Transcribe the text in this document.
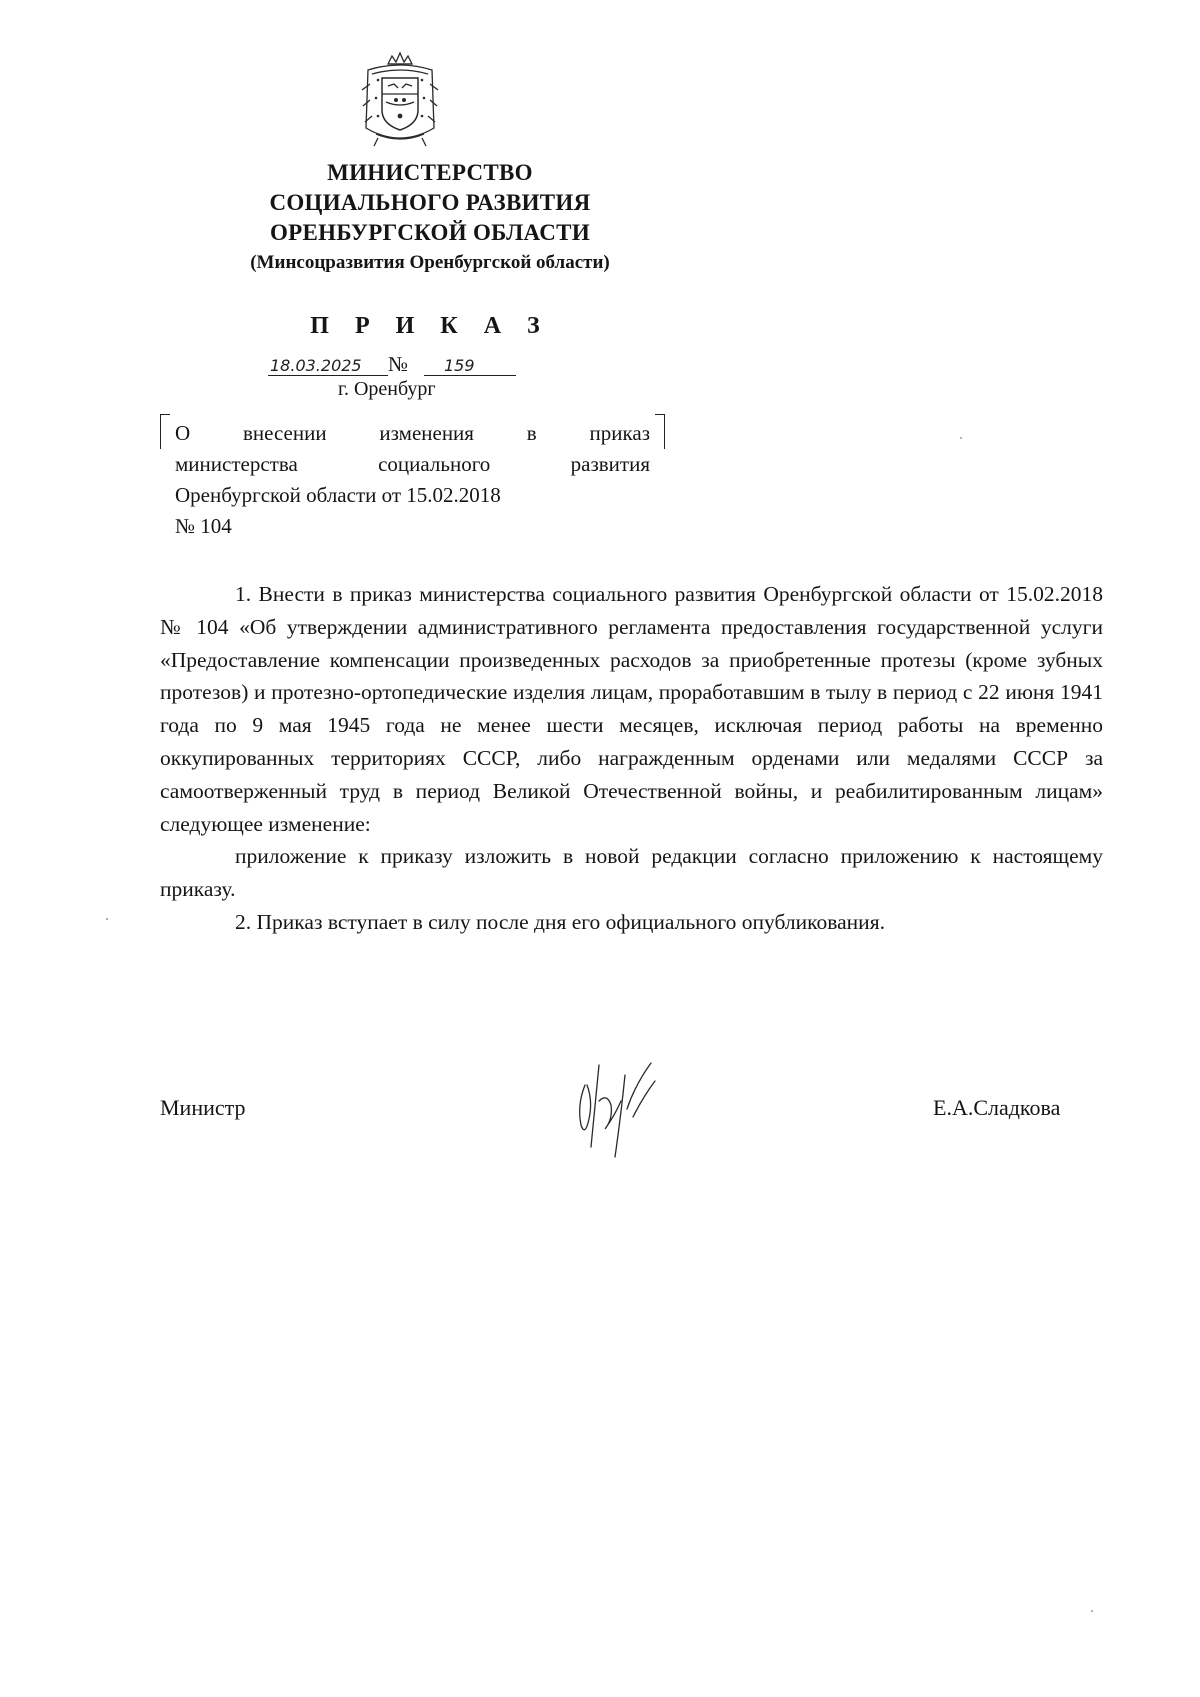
МИНИСТЕРСТВО
СОЦИАЛЬНОГО РАЗВИТИЯ
ОРЕНБУРГСКОЙ ОБЛАСТИ
(Минсоцразвития Оренбургской области)
П Р И К А З
18.03.2025	№	159
г. Оренбург
О внесении изменения в приказ
министерства социального развития
Оренбургской области от 15.02.2018
№ 104

1. Внести в приказ министерства социального развития Оренбургской области от 15.02.2018 № 104 «Об утверждении административного регламента предоставления государственной услуги «Предоставление компенсации произведенных расходов за приобретенные протезы (кроме зубных протезов) и протезно-ортопедические изделия лицам, проработавшим в тылу в период с 22 июня 1941 года по 9 мая 1945 года не менее шести месяцев, исключая период работы на временно оккупированных территориях СССР, либо награжденным орденами или медалями СССР за самоотверженный труд в период Великой Отечественной войны, и реабилитированным лицам» следующее изменение:

приложение к приказу изложить в новой редакции согласно приложению к настоящему приказу.

2. Приказ вступает в силу после дня его официального опубликования.

Министр	Е.А.Сладкова
